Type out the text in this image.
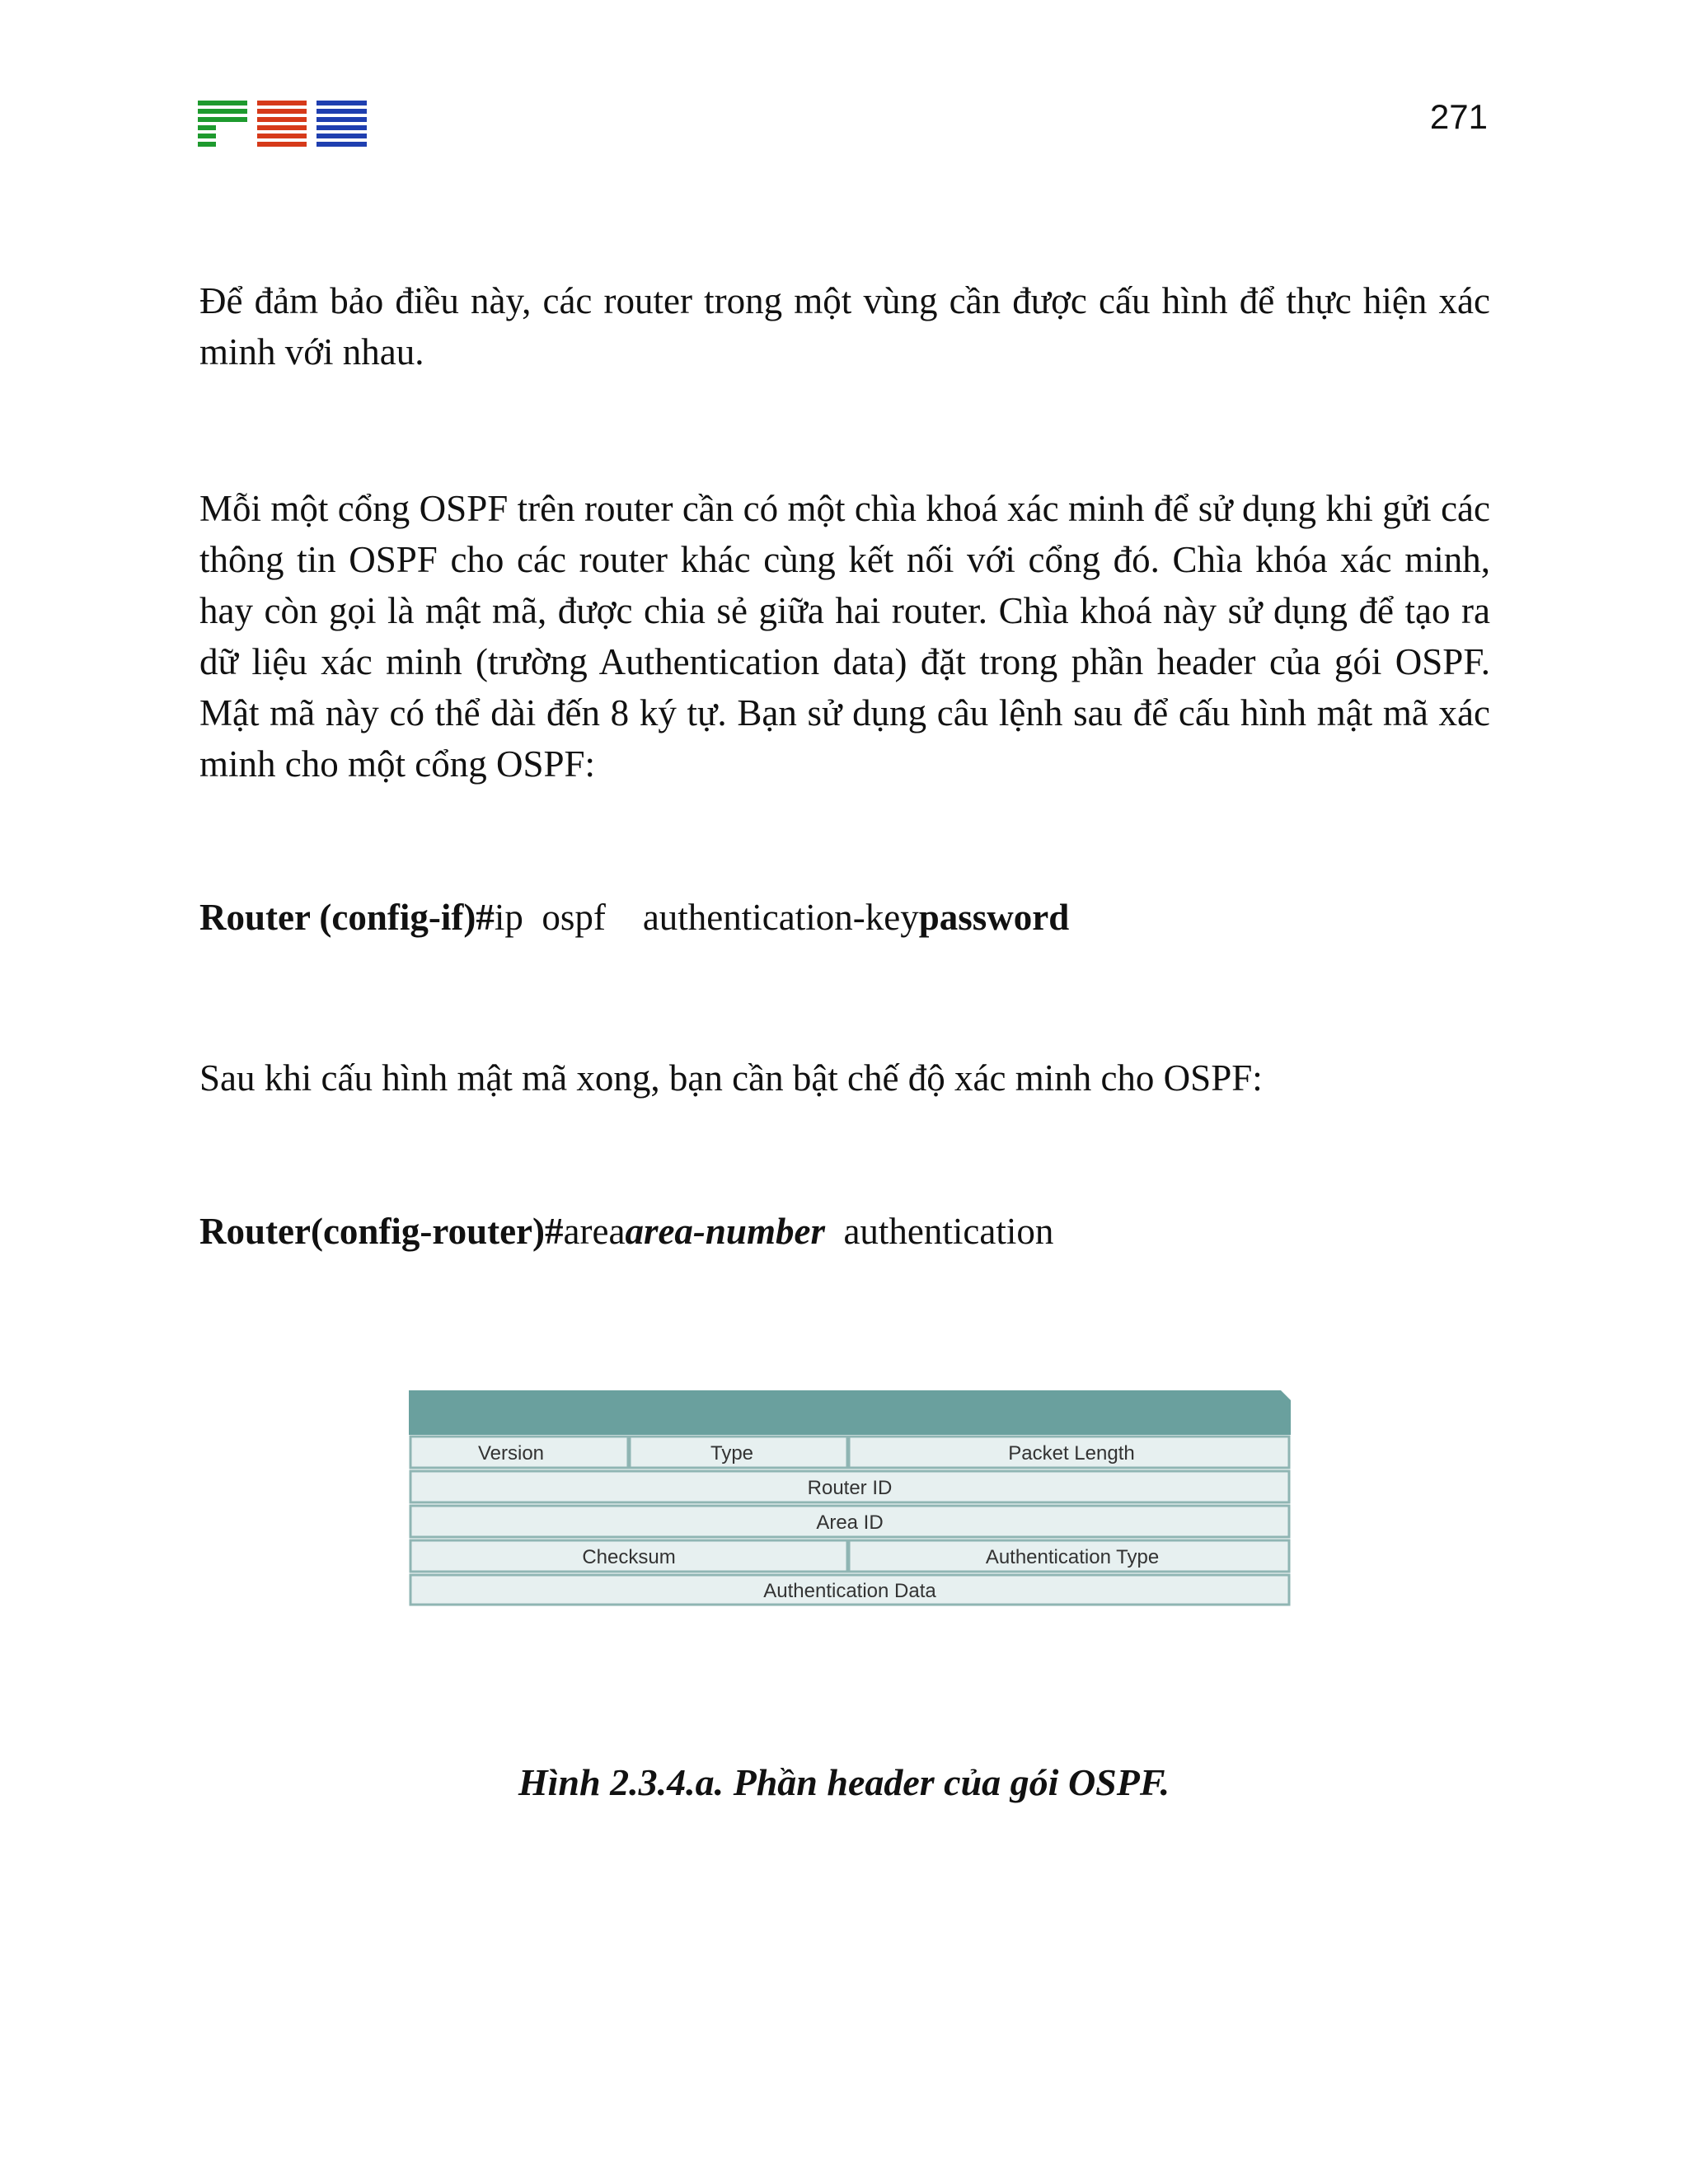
271

Để đảm bảo điều này, các router trong một vùng cần được cấu hình để thực hiện xác minh với nhau.

Mỗi một cổng OSPF trên router cần có một chìa khoá xác minh để sử dụng khi gửi các thông tin OSPF cho các router khác cùng kết nối với cổng đó. Chìa khóa xác minh, hay còn gọi là mật mã, được chia sẻ giữa hai router. Chìa khoá này sử dụng để tạo ra dữ liệu xác minh (trường Authentication data) đặt trong phần header của gói OSPF. Mật mã này có thể dài đến 8 ký tự. Bạn sử dụng câu lệnh sau để cấu hình mật mã xác minh cho một cổng OSPF:

Router (config-if)#ip  ospf    authentication-keypassword

Sau khi cấu hình mật mã xong, bạn cần bật chế độ xác minh cho OSPF:

Router(config-router)#areaarea-number  authentication

Version	Type	Packet Length
Router ID
Area ID
Checksum	Authentication Type
Authentication Data

Hình 2.3.4.a. Phần header của gói OSPF.
